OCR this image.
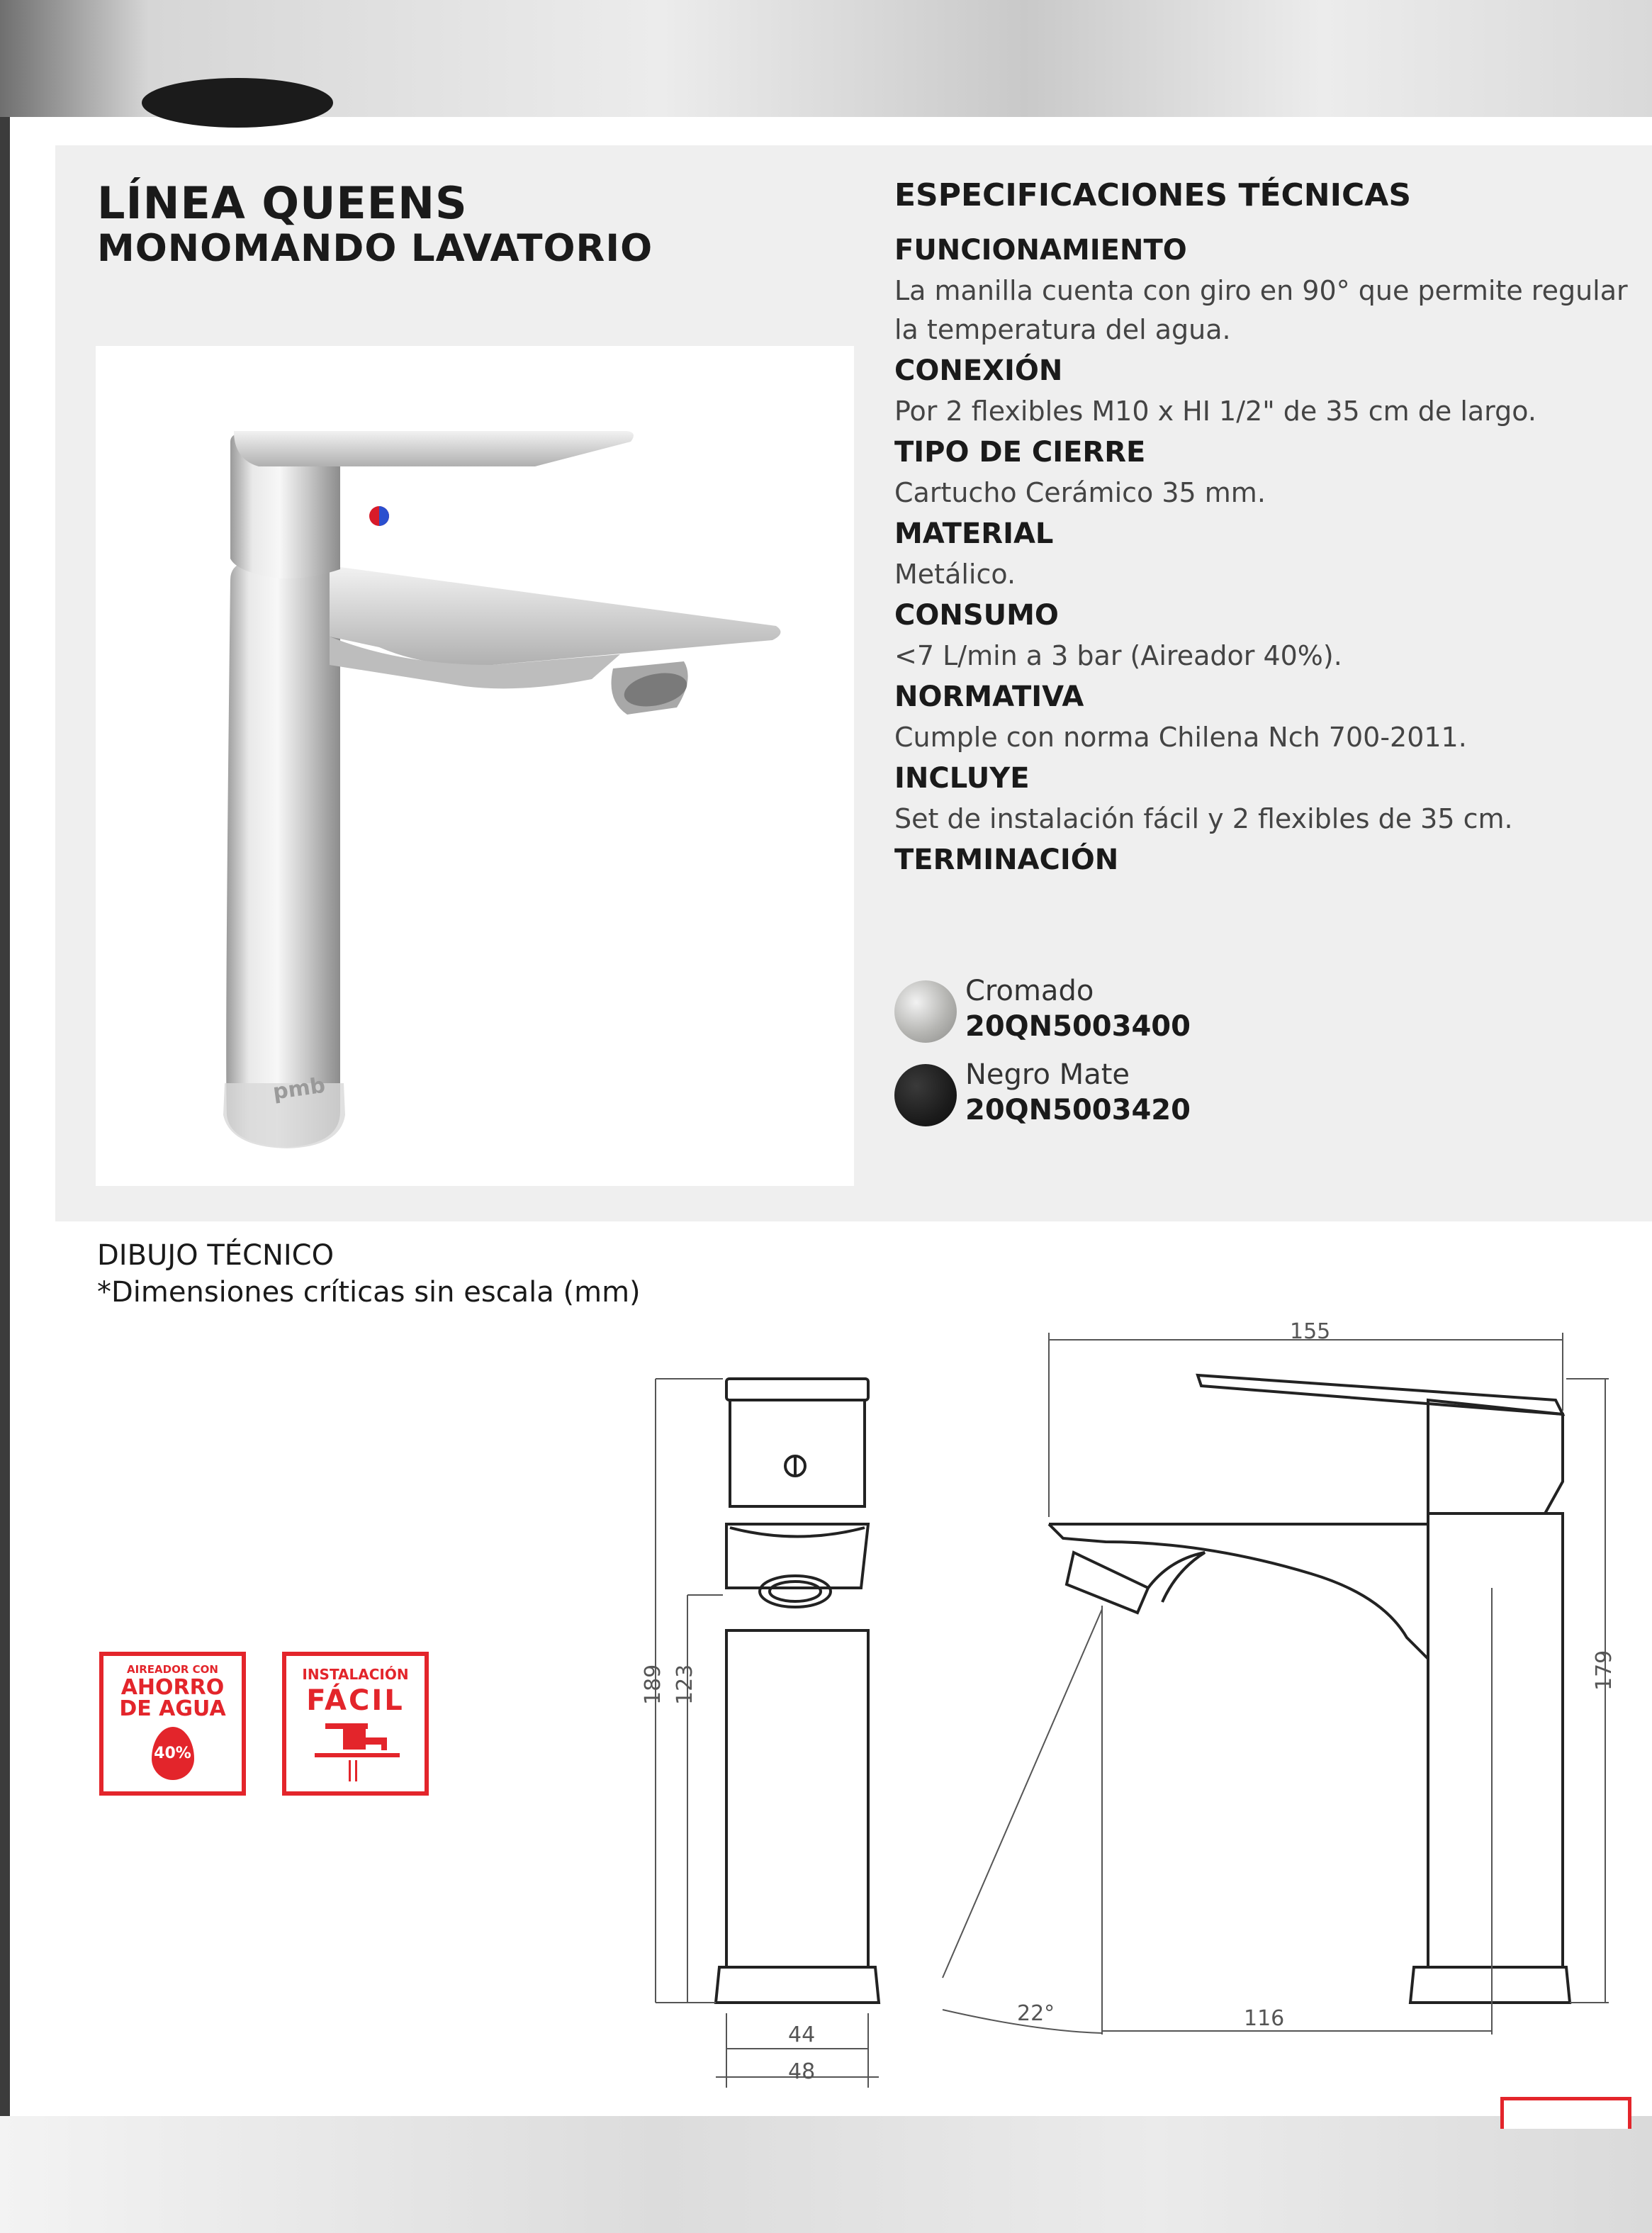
LÍNEA QUEENS
MONOMANDO LAVATORIO
pmb
ESPECIFICACIONES TÉCNICAS

FUNCIONAMIENTO

La manilla cuenta con giro en 90° que permite regular la temperatura del agua.

CONEXIÓN

Por 2 flexibles M10 x HI 1/2" de 35 cm de largo.

TIPO DE CIERRE

Cartucho Cerámico 35 mm.

MATERIAL

Metálico.

CONSUMO

<7 L/min a 3 bar (Aireador 40%).

NORMATIVA

Cumple con norma Chilena Nch 700-2011.

INCLUYE

Set de instalación fácil y 2 flexibles de 35 cm.

TERMINACIÓN

Cromado
20QN5003400
Negro Mate
20QN5003420

DIBUJO TÉCNICO

*Dimensiones críticas sin escala (mm)

189 123
44
48
155
179
22°	116
AIREADOR CON
AHORRO
DE AGUA
40%
INSTALACIÓN
FÁCIL
